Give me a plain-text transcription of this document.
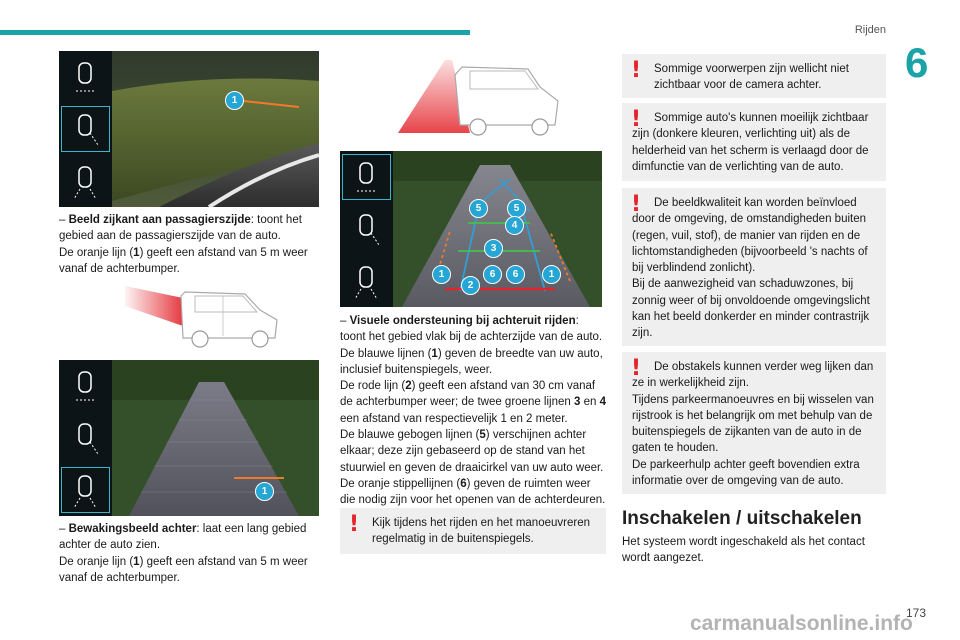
Rijden
6
173
carmanualsonline.info
1
– Beeld zijkant aan passagierszijde: toont het gebied aan de passagierszijde van de auto.
De oranje lijn (1) geeft een afstand van 5 m weer vanaf de achterbumper.
1
– Bewakingsbeeld achter: laat een lang gebied achter de auto zien.
De oranje lijn (1) geeft een afstand van 5 m weer vanaf de achterbumper.
5	5
4
3
1	6	6	1
2
– Visuele ondersteuning bij achteruit rijden: toont het gebied vlak bij de achterzijde van de auto.
De blauwe lijnen (1) geven de breedte van uw auto, inclusief buitenspiegels, weer.
De rode lijn (2) geeft een afstand van 30 cm vanaf de achterbumper weer; de twee groene lijnen 3 en 4 een afstand van respectievelijk 1 en 2 meter.
De blauwe gebogen lijnen (5) verschijnen achter elkaar; deze zijn gebaseerd op de stand van het stuurwiel en geven de draaicirkel van uw auto weer.
De oranje stippellijnen (6) geven de ruimten weer die nodig zijn voor het openen van de achterdeuren.
!	Kijk tijdens het rijden en het manoeuvreren regelmatig in de buitenspiegels.
!	Sommige voorwerpen zijn wellicht niet zichtbaar voor de camera achter.
!	Sommige auto's kunnen moeilijk zichtbaar zijn (donkere kleuren, verlichting uit) als de helderheid van het scherm is verlaagd door de dimfunctie van de verlichting van de auto.
!	De beeldkwaliteit kan worden beïnvloed door de omgeving, de omstandigheden buiten (regen, vuil, stof), de manier van rijden en de lichtomstandigheden (bijvoorbeeld 's nachts of bij verblindend zonlicht).
Bij de aanwezigheid van schaduwzones, bij zonnig weer of bij onvoldoende omgevingslicht kan het beeld donkerder en minder contrastrijk zijn.
!	De obstakels kunnen verder weg lijken dan ze in werkelijkheid zijn.
Tijdens parkeermanoeuvres en bij wisselen van rijstrook is het belangrijk om met behulp van de buitenspiegels de zijkanten van de auto in de gaten te houden.
De parkeerhulp achter geeft bovendien extra informatie over de omgeving van de auto.
Inschakelen / uitschakelen
Het systeem wordt ingeschakeld als het contact wordt aangezet.
